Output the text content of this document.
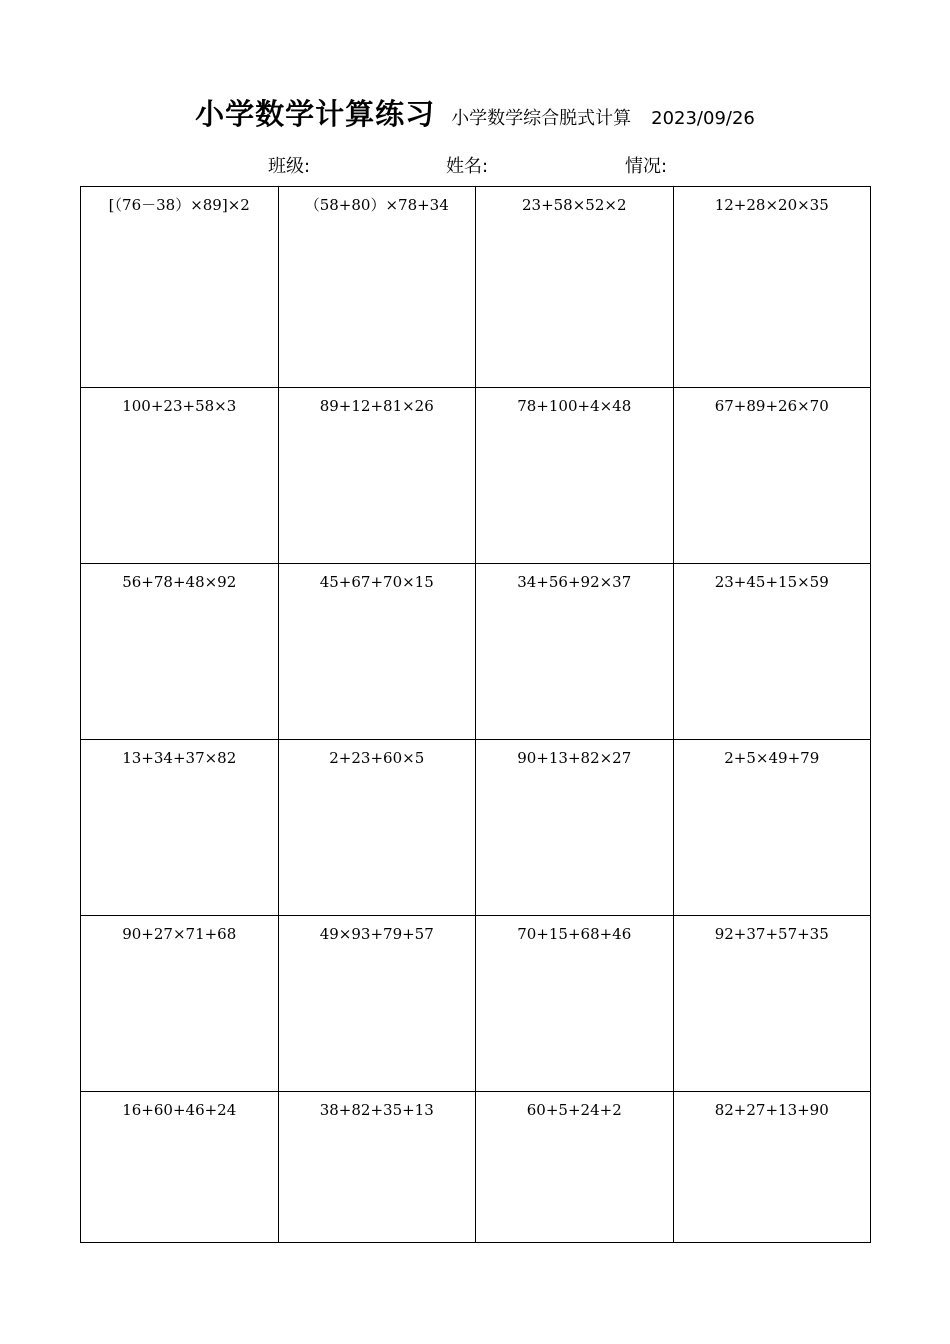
小学数学计算练习 小学数学综合脱式计算 2023/09/26
班级:	姓名:	情况:
[（76－38）×89]×2	（58+80）×78+34	23+58×52×2	12+28×20×35
100+23+58×3	89+12+81×26	78+100+4×48	67+89+26×70
56+78+48×92	45+67+70×15	34+56+92×37	23+45+15×59
13+34+37×82	2+23+60×5	90+13+82×27	2+5×49+79
90+27×71+68	49×93+79+57	70+15+68+46	92+37+57+35
16+60+46+24	38+82+35+13	60+5+24+2	82+27+13+90
